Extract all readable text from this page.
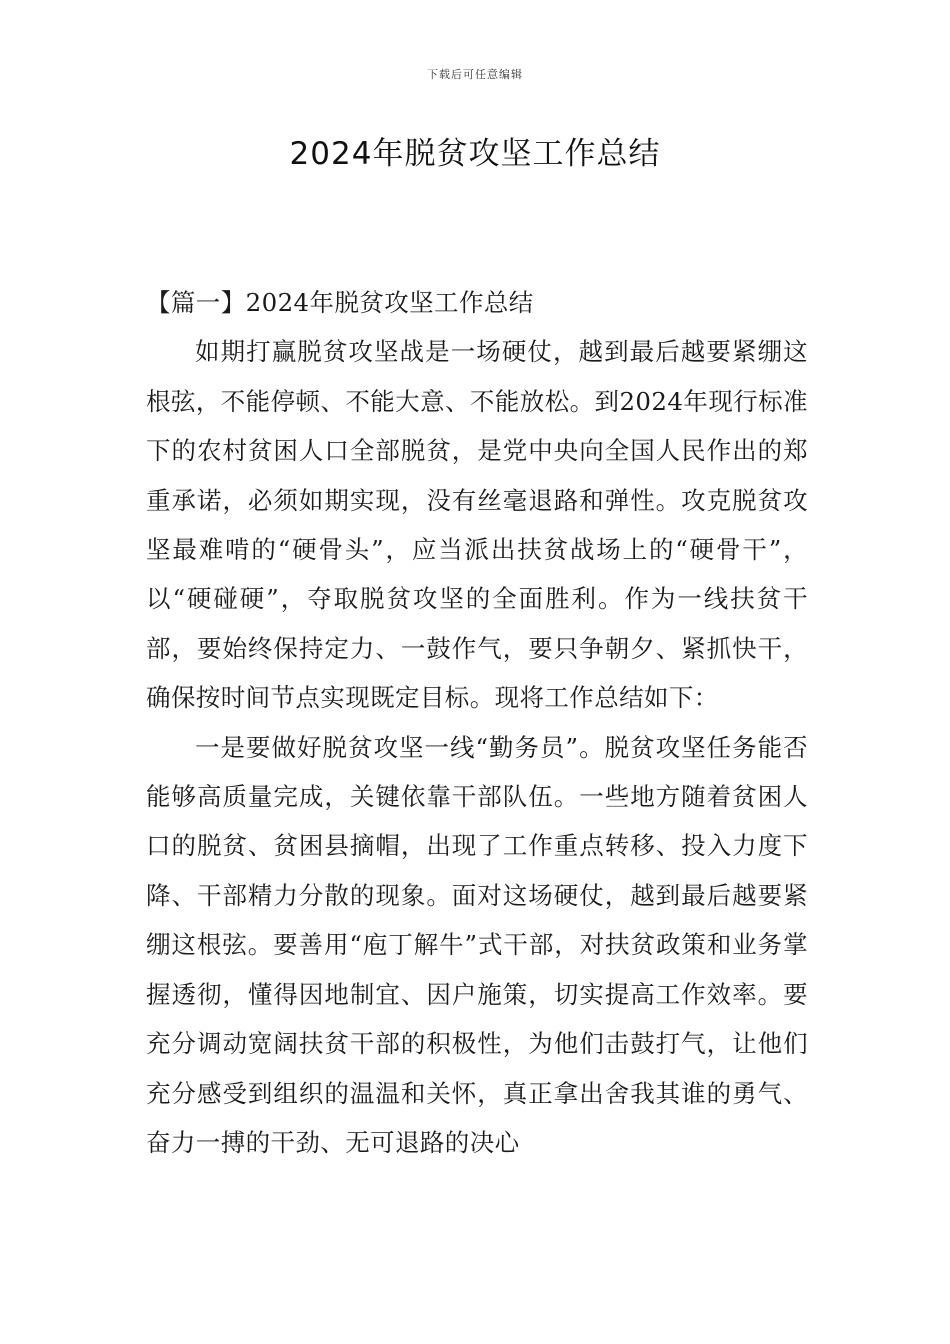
下载后可任意编辑
2024年脱贫攻坚工作总结

【篇一】2024年脱贫攻坚工作总结

如期打赢脱贫攻坚战是一场硬仗，越到最后越要紧绷这根弦，不能停顿、不能大意、不能放松。到2024年现行标准下的农村贫困人口全部脱贫，是党中央向全国人民作出的郑重承诺，必须如期实现，没有丝毫退路和弹性。攻克脱贫攻坚最难啃的“硬骨头”，应当派出扶贫战场上的“硬骨干”，以“硬碰硬”，夺取脱贫攻坚的全面胜利。作为一线扶贫干部，要始终保持定力、一鼓作气，要只争朝夕、紧抓快干，确保按时间节点实现既定目标。现将工作总结如下：

一是要做好脱贫攻坚一线“勤务员”。脱贫攻坚任务能否能够高质量完成，关键依靠干部队伍。一些地方随着贫困人口的脱贫、贫困县摘帽，出现了工作重点转移、投入力度下降、干部精力分散的现象。面对这场硬仗，越到最后越要紧绷这根弦。要善用“庖丁解牛”式干部，对扶贫政策和业务掌握透彻，懂得因地制宜、因户施策，切实提高工作效率。要充分调动宽阔扶贫干部的积极性，为他们击鼓打气，让他们充分感受到组织的温温和关怀，真正拿出舍我其谁的勇气、奋力一搏的干劲、无可退路的决心
